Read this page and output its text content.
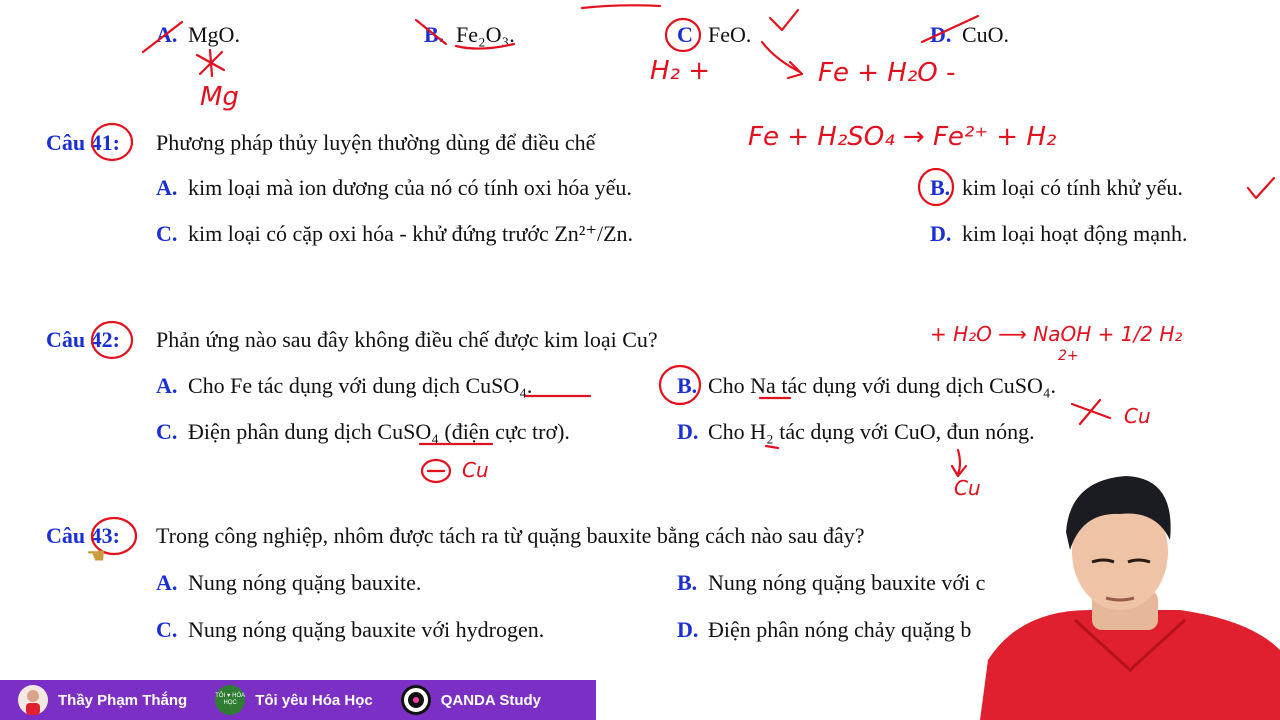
A. MgO.	B. Fe₂O₃.	C FeO.	D. CuO.
Câu 41: Phương pháp thủy luyện thường dùng để điều chế
A. kim loại mà ion dương của nó có tính oxi hóa yếu.	B. kim loại có tính khử yếu.
C. kim loại có cặp oxi hóa - khử đứng trước Zn²⁺/Zn.	D. kim loại hoạt động mạnh.
Câu 42: Phản ứng nào sau đây không điều chế được kim loại Cu?
A. Cho Fe tác dụng với dung dịch CuSO₄.	B. Cho Na tác dụng với dung dịch CuSO₄.
C. Điện phân dung dịch CuSO₄ (điện cực trơ).	D. Cho H₂ tác dụng với CuO, đun nóng.
Câu 43: Trong công nghiệp, nhôm được tách ra từ quặng bauxite bằng cách nào sau đây?
A. Nung nóng quặng bauxite.	B. Nung nóng quặng bauxite với c
C. Nung nóng quặng bauxite với hydrogen.	D. Điện phân nóng chảy quặng b
Mg
H₂ +	Fe + H₂O -
Fe + H₂SO₄ → Fe²⁺ + H₂
+ H₂O ⟶ NaOH + 1/2 H₂
2+
Cu
Cu
Cu
☚
Thầy Phạm Thắng	TÔI ♥ HÓA HỌC	Tôi yêu Hóa Học	QANDA Study
